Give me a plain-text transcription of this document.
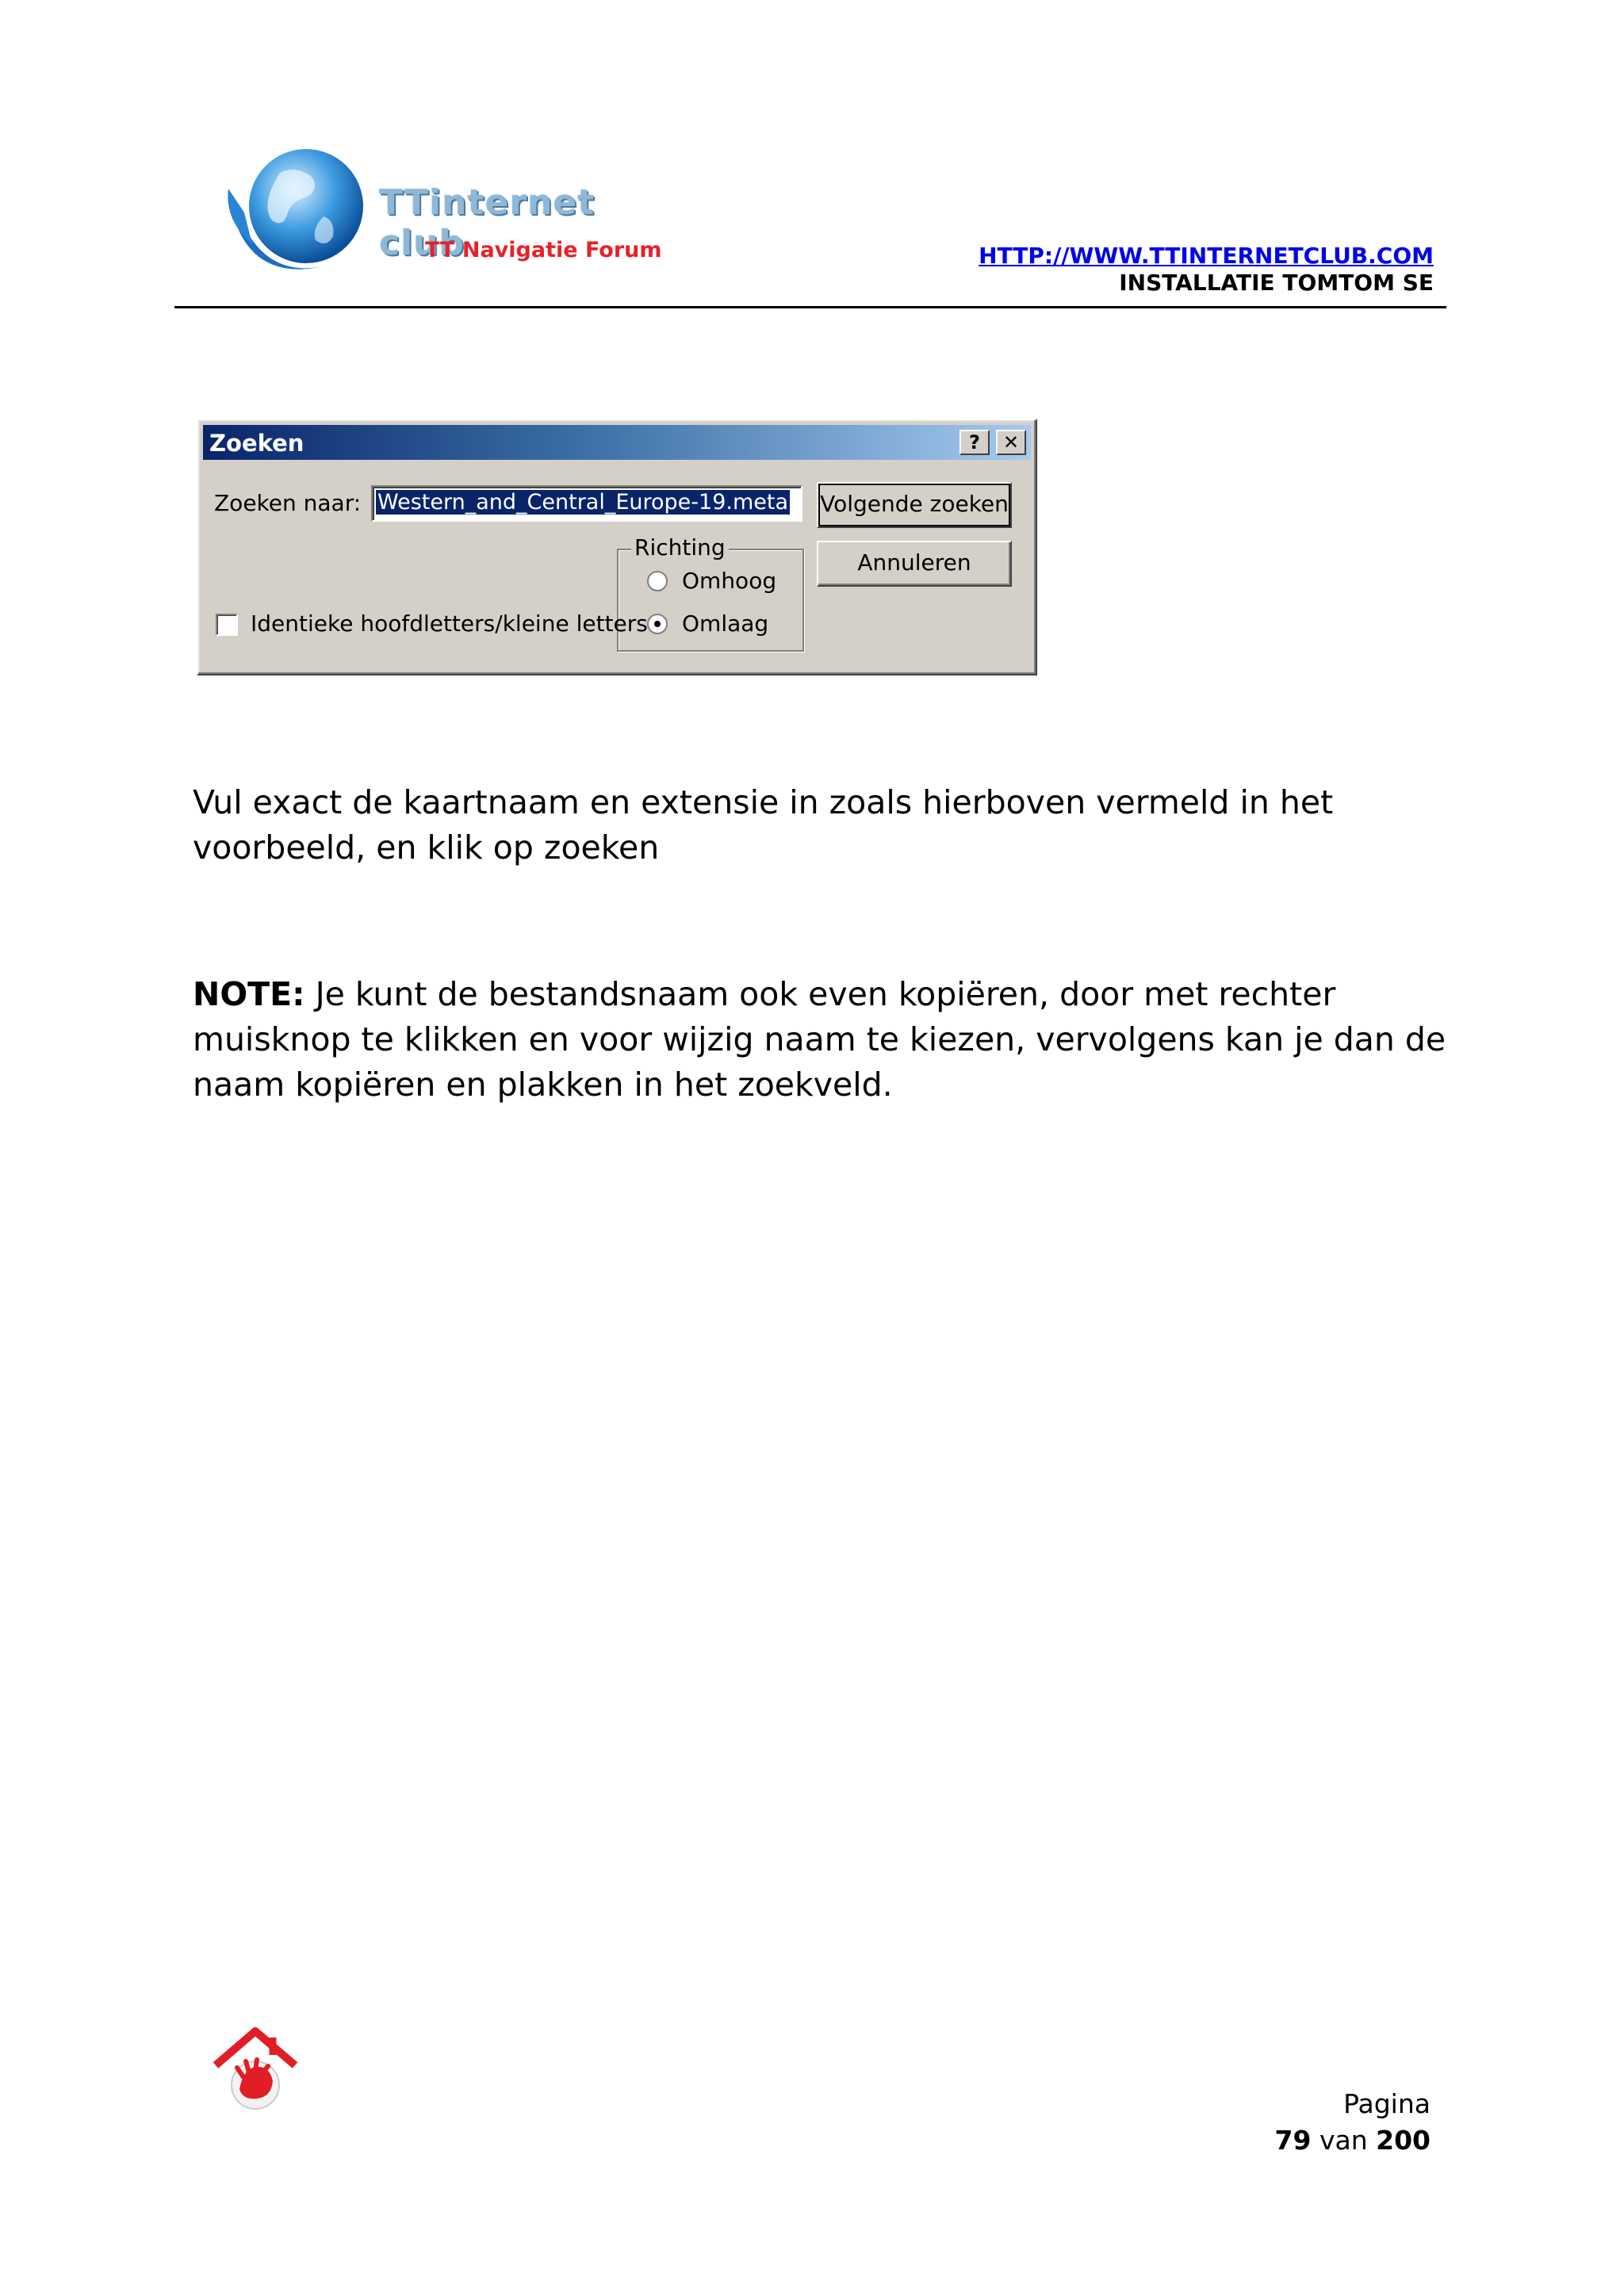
TTinternet club
TT Navigatie Forum	HTTP://WWW.TTINTERNETCLUB.COM
INSTALLATIE TOMTOM SE
Zoeken	?	✕
Zoeken naar: Western_and_Central_Europe-19.meta	Volgende zoeken
Annuleren
Richting
Omhoog
Omlaag
Identieke hoofdletters/kleine letters
Vul exact de kaartnaam en extensie in zoals hierboven vermeld in het voorbeeld, en klik op zoeken
NOTE: Je kunt de bestandsnaam ook even kopiëren, door met rechter muisknop te klikken en voor wijzig naam te kiezen, vervolgens kan je dan de naam kopiëren en plakken in het zoekveld.
Pagina
79 van 200
